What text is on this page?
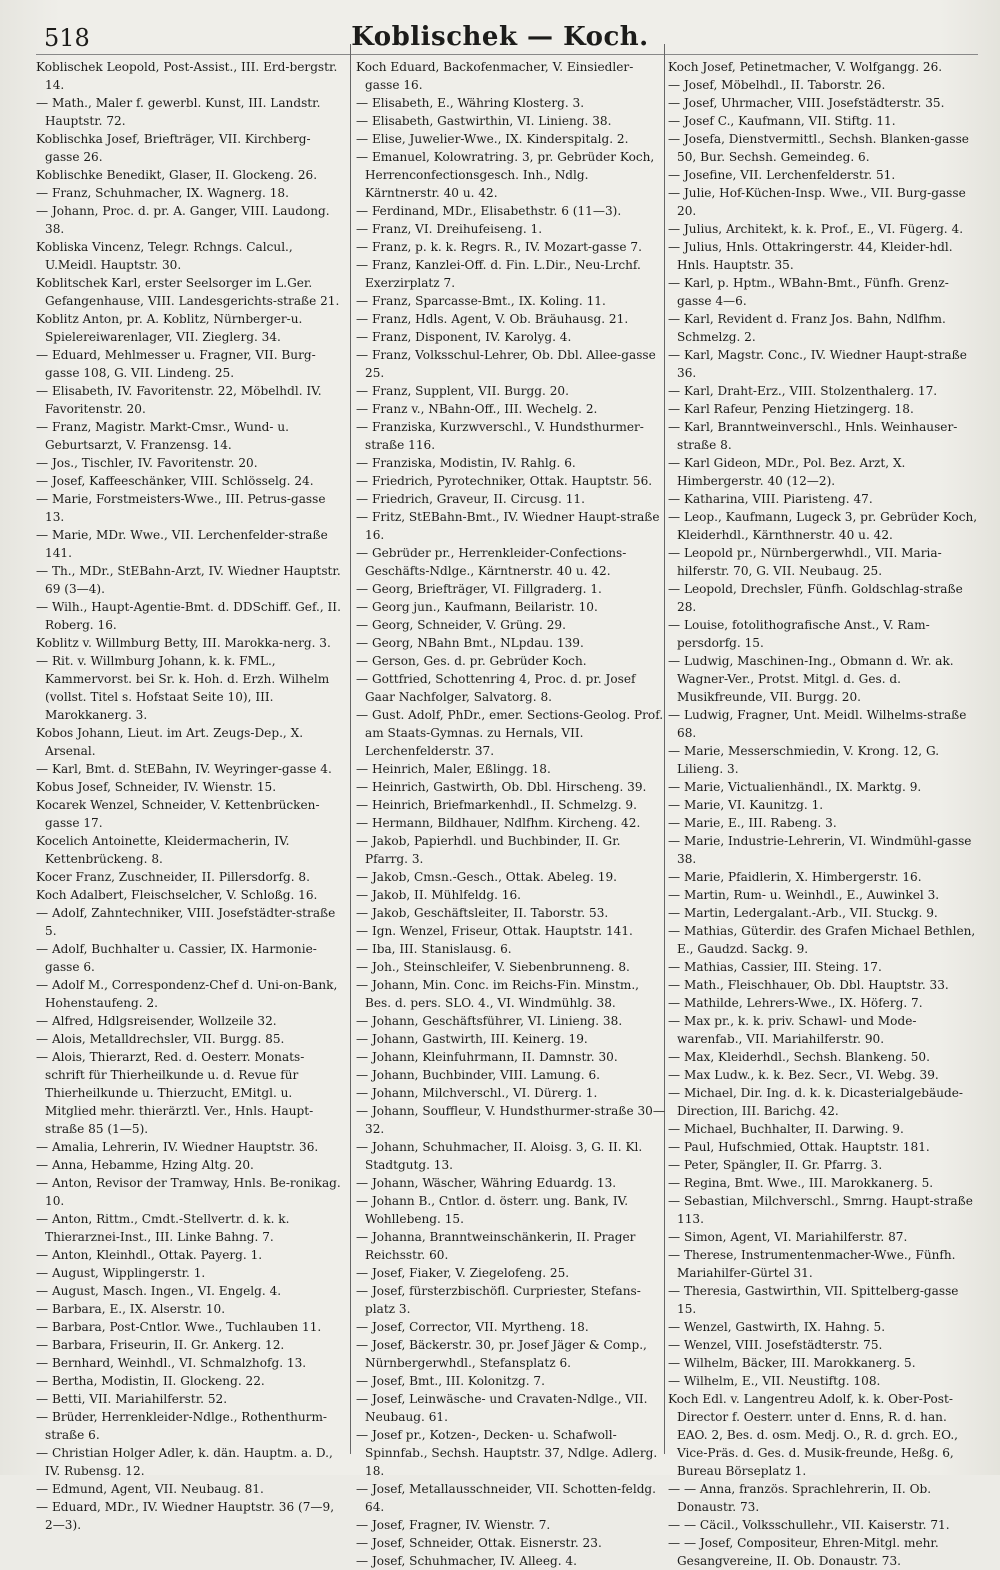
518	Koblischek — Koch.
Koblischek Leopold, Post-Assist., III. Erd-bergstr. 14.
— Math., Maler f. gewerbl. Kunst, III. Landstr. Hauptstr. 72.
Koblischka Josef, Briefträger, VII. Kirchberg-gasse 26.
Koblischke Benedikt, Glaser, II. Glockeng. 26.
— Franz, Schuhmacher, IX. Wagnerg. 18.
— Johann, Proc. d. pr. A. Ganger, VIII. Laudong. 38.
Kobliska Vincenz, Telegr. Rchngs. Calcul., U.Meidl. Hauptstr. 30.
Koblitschek Karl, erster Seelsorger im L.Ger. Gefangenhause, VIII. Landesgerichts-straße 21.
Koblitz Anton, pr. A. Koblitz, Nürnberger-u. Spielereiwarenlager, VII. Zieglerg. 34.
— Eduard, Mehlmesser u. Fragner, VII. Burg-gasse 108, G. VII. Lindeng. 25.
— Elisabeth, IV. Favoritenstr. 22, Möbelhdl. IV. Favoritenstr. 20.
— Franz, Magistr. Markt-Cmsr., Wund- u. Geburtsarzt, V. Franzensg. 14.
— Jos., Tischler, IV. Favoritenstr. 20.
— Josef, Kaffeeschänker, VIII. Schlösselg. 24.
— Marie, Forstmeisters-Wwe., III. Petrus-gasse 13.
— Marie, MDr. Wwe., VII. Lerchenfelder-straße 141.
— Th., MDr., StEBahn-Arzt, IV. Wiedner Hauptstr. 69 (3—4).
— Wilh., Haupt-Agentie-Bmt. d. DDSchiff. Gef., II. Roberg. 16.
Koblitz v. Willmburg Betty, III. Marokka-nerg. 3.
— Rit. v. Willmburg Johann, k. k. FML., Kammervorst. bei Sr. k. Hoh. d. Erzh. Wilhelm (vollst. Titel s. Hofstaat Seite 10), III. Marokkanerg. 3.
Kobos Johann, Lieut. im Art. Zeugs-Dep., X. Arsenal.
— Karl, Bmt. d. StEBahn, IV. Weyringer-gasse 4.
Kobus Josef, Schneider, IV. Wienstr. 15.
Kocarek Wenzel, Schneider, V. Kettenbrücken-gasse 17.
Kocelich Antoinette, Kleidermacherin, IV. Kettenbrückeng. 8.
Kocer Franz, Zuschneider, II. Pillersdorfg. 8.
Koch Adalbert, Fleischselcher, V. Schloßg. 16.
— Adolf, Zahntechniker, VIII. Josefstädter-straße 5.
— Adolf, Buchhalter u. Cassier, IX. Harmonie-gasse 6.
— Adolf M., Correspondenz-Chef d. Uni-on-Bank, Hohenstaufeng. 2.
— Alfred, Hdlgsreisender, Wollzeile 32.
— Alois, Metalldrechsler, VII. Burgg. 85.
— Alois, Thierarzt, Red. d. Oesterr. Monats-schrift für Thierheilkunde u. d. Revue für Thierheilkunde u. Thierzucht, EMitgl. u. Mitglied mehr. thierärztl. Ver., Hnls. Haupt-straße 85 (1—5).
— Amalia, Lehrerin, IV. Wiedner Hauptstr. 36.
— Anna, Hebamme, Hzing Altg. 20.
— Anton, Revisor der Tramway, Hnls. Be-ronikag. 10.
— Anton, Rittm., Cmdt.-Stellvertr. d. k. k. Thierarznei-Inst., III. Linke Bahng. 7.
— Anton, Kleinhdl., Ottak. Payerg. 1.
— August, Wipplingerstr. 1.
— August, Masch. Ingen., VI. Engelg. 4.
— Barbara, E., IX. Alserstr. 10.
— Barbara, Post-Cntlor. Wwe., Tuchlauben 11.
— Barbara, Friseurin, II. Gr. Ankerg. 12.
— Bernhard, Weinhdl., VI. Schmalzhofg. 13.
— Bertha, Modistin, II. Glockeng. 22.
— Betti, VII. Mariahilferstr. 52.
— Brüder, Herrenkleider-Ndlge., Rothenthurm-straße 6.
— Christian Holger Adler, k. dän. Hauptm. a. D., IV. Rubensg. 12.
— Edmund, Agent, VII. Neubaug. 81.
— Eduard, MDr., IV. Wiedner Hauptstr. 36 (7—9, 2—3).
Koch Eduard, Backofenmacher, V. Einsiedler-gasse 16.
— Elisabeth, E., Währing Klosterg. 3.
— Elisabeth, Gastwirthin, VI. Linieng. 38.
— Elise, Juwelier-Wwe., IX. Kinderspitalg. 2.
— Emanuel, Kolowratring. 3, pr. Gebrüder Koch, Herrenconfectionsgesch. Inh., Ndlg. Kärntnerstr. 40 u. 42.
— Ferdinand, MDr., Elisabethstr. 6 (11—3).
— Franz, VI. Dreihufeiseng. 1.
— Franz, p. k. k. Regrs. R., IV. Mozart-gasse 7.
— Franz, Kanzlei-Off. d. Fin. L.Dir., Neu-Lrchf. Exerzirplatz 7.
— Franz, Sparcasse-Bmt., IX. Koling. 11.
— Franz, Hdls. Agent, V. Ob. Bräuhausg. 21.
— Franz, Disponent, IV. Karolyg. 4.
— Franz, Volksschul-Lehrer, Ob. Dbl. Allee-gasse 25.
— Franz, Supplent, VII. Burgg. 20.
— Franz v., NBahn-Off., III. Wechelg. 2.
— Franziska, Kurzwverschl., V. Hundsthurmer-straße 116.
— Franziska, Modistin, IV. Rahlg. 6.
— Friedrich, Pyrotechniker, Ottak. Hauptstr. 56.
— Friedrich, Graveur, II. Circusg. 11.
— Fritz, StEBahn-Bmt., IV. Wiedner Haupt-straße 16.
— Gebrüder pr., Herrenkleider-Confections-Geschäfts-Ndlge., Kärntnerstr. 40 u. 42.
— Georg, Briefträger, VI. Fillgraderg. 1.
— Georg jun., Kaufmann, Beilaristr. 10.
— Georg, Schneider, V. Grüng. 29.
— Georg, NBahn Bmt., NLpdau. 139.
— Gerson, Ges. d. pr. Gebrüder Koch.
— Gottfried, Schottenring 4, Proc. d. pr. Josef Gaar Nachfolger, Salvatorg. 8.
— Gust. Adolf, PhDr., emer. Sections-Geolog. Prof. am Staats-Gymnas. zu Hernals, VII. Lerchenfelderstr. 37.
— Heinrich, Maler, Eßlingg. 18.
— Heinrich, Gastwirth, Ob. Dbl. Hirscheng. 39.
— Heinrich, Briefmarkenhdl., II. Schmelzg. 9.
— Hermann, Bildhauer, Ndlfhm. Kircheng. 42.
— Jakob, Papierhdl. und Buchbinder, II. Gr. Pfarrg. 3.
— Jakob, Cmsn.-Gesch., Ottak. Abeleg. 19.
— Jakob, II. Mühlfeldg. 16.
— Jakob, Geschäftsleiter, II. Taborstr. 53.
— Ign. Wenzel, Friseur, Ottak. Hauptstr. 141.
— Iba, III. Stanislausg. 6.
— Joh., Steinschleifer, V. Siebenbrunneng. 8.
— Johann, Min. Conc. im Reichs-Fin. Minstm., Bes. d. pers. SLO. 4., VI. Windmühlg. 38.
— Johann, Geschäftsführer, VI. Linieng. 38.
— Johann, Gastwirth, III. Keinerg. 19.
— Johann, Kleinfuhrmann, II. Damnstr. 30.
— Johann, Buchbinder, VIII. Lamung. 6.
— Johann, Milchverschl., VI. Dürerg. 1.
— Johann, Souffleur, V. Hundsthurmer-straße 30—32.
— Johann, Schuhmacher, II. Aloisg. 3, G. II. Kl. Stadtgutg. 13.
— Johann, Wäscher, Währing Eduardg. 13.
— Johann B., Cntlor. d. österr. ung. Bank, IV. Wohllebeng. 15.
— Johanna, Branntweinschänkerin, II. Prager Reichsstr. 60.
— Josef, Fiaker, V. Ziegelofeng. 25.
— Josef, fürsterzbischöfl. Curpriester, Stefans-platz 3.
— Josef, Corrector, VII. Myrtheng. 18.
— Josef, Bäckerstr. 30, pr. Josef Jäger & Comp., Nürnbergerwhdl., Stefansplatz 6.
— Josef, Bmt., III. Kolonitzg. 7.
— Josef, Leinwäsche- und Cravaten-Ndlge., VII. Neubaug. 61.
— Josef pr., Kotzen-, Decken- u. Schafwoll-Spinnfab., Sechsh. Hauptstr. 37, Ndlge. Adlerg. 18.
— Josef, Metallausschneider, VII. Schotten-feldg. 64.
— Josef, Fragner, IV. Wienstr. 7.
— Josef, Schneider, Ottak. Eisnerstr. 23.
— Josef, Schuhmacher, IV. Alleeg. 4.
Koch Josef, Petinetmacher, V. Wolfgangg. 26.
— Josef, Möbelhdl., II. Taborstr. 26.
— Josef, Uhrmacher, VIII. Josefstädterstr. 35.
— Josef C., Kaufmann, VII. Stiftg. 11.
— Josefa, Dienstvermittl., Sechsh. Blanken-gasse 50, Bur. Sechsh. Gemeindeg. 6.
— Josefine, VII. Lerchenfelderstr. 51.
— Julie, Hof-Küchen-Insp. Wwe., VII. Burg-gasse 20.
— Julius, Architekt, k. k. Prof., E., VI. Fügerg. 4.
— Julius, Hnls. Ottakringerstr. 44, Kleider-hdl. Hnls. Hauptstr. 35.
— Karl, p. Hptm., WBahn-Bmt., Fünfh. Grenz-gasse 4—6.
— Karl, Revident d. Franz Jos. Bahn, Ndlfhm. Schmelzg. 2.
— Karl, Magstr. Conc., IV. Wiedner Haupt-straße 36.
— Karl, Draht-Erz., VIII. Stolzenthalerg. 17.
— Karl Rafeur, Penzing Hietzingerg. 18.
— Karl, Branntweinverschl., Hnls. Weinhauser-straße 8.
— Karl Gideon, MDr., Pol. Bez. Arzt, X. Himbergerstr. 40 (12—2).
— Katharina, VIII. Piaristeng. 47.
— Leop., Kaufmann, Lugeck 3, pr. Gebrüder Koch, Kleiderhdl., Kärnthnerstr. 40 u. 42.
— Leopold pr., Nürnbergerwhdl., VII. Maria-hilferstr. 70, G. VII. Neubaug. 25.
— Leopold, Drechsler, Fünfh. Goldschlag-straße 28.
— Louise, fotolithografische Anst., V. Ram-persdorfg. 15.
— Ludwig, Maschinen-Ing., Obmann d. Wr. ak. Wagner-Ver., Protst. Mitgl. d. Ges. d. Musikfreunde, VII. Burgg. 20.
— Ludwig, Fragner, Unt. Meidl. Wilhelms-straße 68.
— Marie, Messerschmiedin, V. Krong. 12, G. Lilieng. 3.
— Marie, Victualienhändl., IX. Marktg. 9.
— Marie, VI. Kaunitzg. 1.
— Marie, E., III. Rabeng. 3.
— Marie, Industrie-Lehrerin, VI. Windmühl-gasse 38.
— Marie, Pfaidlerin, X. Himbergerstr. 16.
— Martin, Rum- u. Weinhdl., E., Auwinkel 3.
— Martin, Ledergalant.-Arb., VII. Stuckg. 9.
— Mathias, Güterdir. des Grafen Michael Bethlen, E., Gaudzd. Sackg. 9.
— Mathias, Cassier, III. Steing. 17.
— Math., Fleischhauer, Ob. Dbl. Hauptstr. 33.
— Mathilde, Lehrers-Wwe., IX. Höferg. 7.
— Max pr., k. k. priv. Schawl- und Mode-warenfab., VII. Mariahilferstr. 90.
— Max, Kleiderhdl., Sechsh. Blankeng. 50.
— Max Ludw., k. k. Bez. Secr., VI. Webg. 39.
— Michael, Dir. Ing. d. k. k. Dicasterialgebäude-Direction, III. Barichg. 42.
— Michael, Buchhalter, II. Darwing. 9.
— Paul, Hufschmied, Ottak. Hauptstr. 181.
— Peter, Spängler, II. Gr. Pfarrg. 3.
— Regina, Bmt. Wwe., III. Marokkanerg. 5.
— Sebastian, Milchverschl., Smrng. Haupt-straße 113.
— Simon, Agent, VI. Mariahilferstr. 87.
— Therese, Instrumentenmacher-Wwe., Fünfh. Mariahilfer-Gürtel 31.
— Theresia, Gastwirthin, VII. Spittelberg-gasse 15.
— Wenzel, Gastwirth, IX. Hahng. 5.
— Wenzel, VIII. Josefstädterstr. 75.
— Wilhelm, Bäcker, III. Marokkanerg. 5.
— Wilhelm, E., VII. Neustiftg. 108.
Koch Edl. v. Langentreu Adolf, k. k. Ober-Post-Director f. Oesterr. unter d. Enns, R. d. han. EAO. 2, Bes. d. osm. Medj. O., R. d. grch. EO., Vice-Präs. d. Ges. d. Musik-freunde, Heßg. 6, Bureau Börseplatz 1.
— — Anna, französ. Sprachlehrerin, II. Ob. Donaustr. 73.
— — Cäcil., Volksschullehr., VII. Kaiserstr. 71.
— — Josef, Compositeur, Ehren-Mitgl. mehr. Gesangvereine, II. Ob. Donaustr. 73.
